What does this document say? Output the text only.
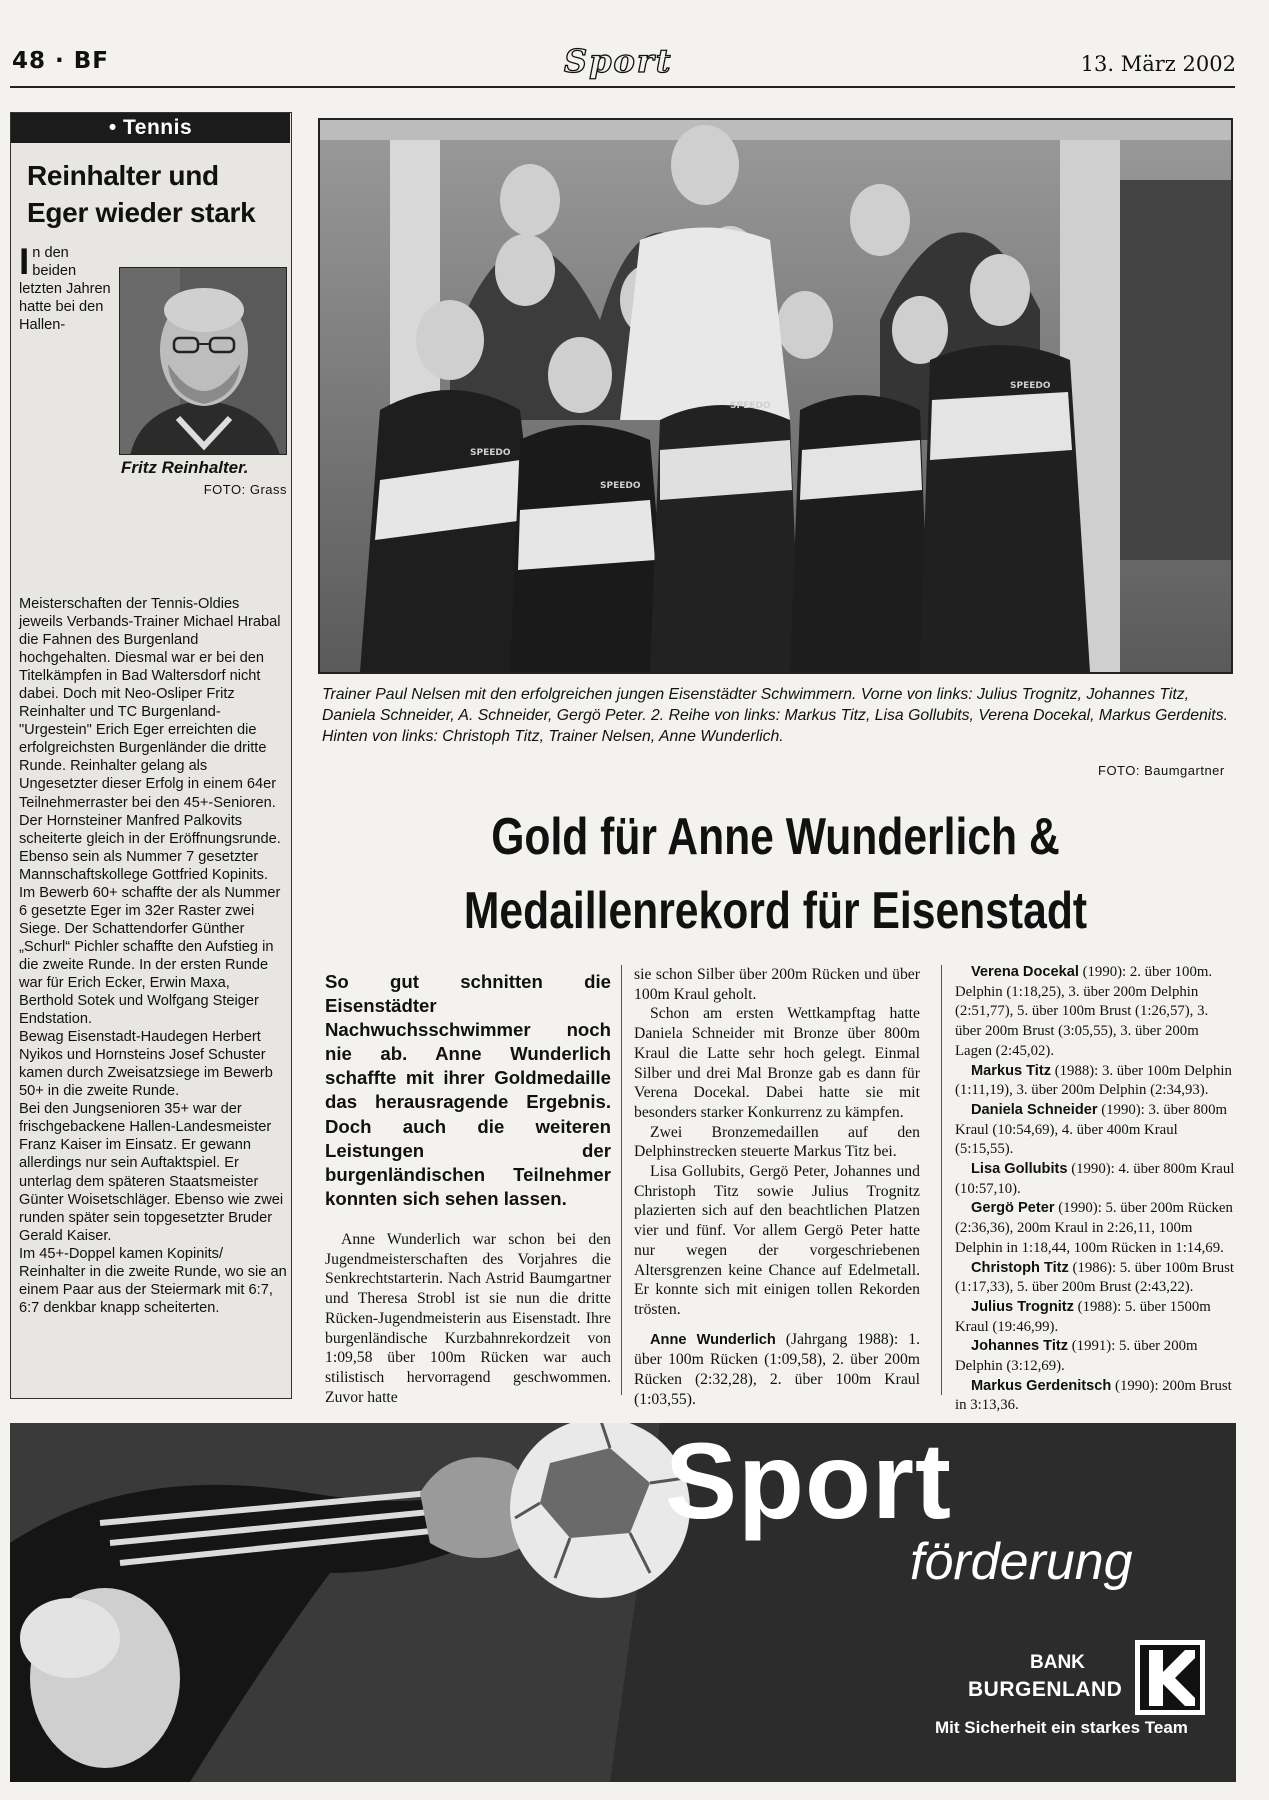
48 · BF	Sport	13. März 2002
• Tennis
Reinhalter und
Eger wieder stark
Fritz Reinhalter.
FOTO: Grass

In den beiden letzten Jahren hatte bei den Hallen-Meisterschaften der Tennis-Oldies jeweils Verbands-Trainer Michael Hrabal die Fahnen des Burgenland hochgehalten. Diesmal war er bei den Titelkämpfen in Bad Waltersdorf nicht dabei. Doch mit Neo-Osliper Fritz Reinhalter und TC Burgenland-"Urgestein" Erich Eger erreichten die erfolgreichsten Burgenländer die dritte Runde. Reinhalter gelang als Ungesetzter dieser Erfolg in einem 64er Teilnehmerraster bei den 45+-Senioren. Der Hornsteiner Manfred Palkovits scheiterte gleich in der Eröffnungsrunde. Ebenso sein als Nummer 7 gesetzter Mannschaftskollege Gottfried Kopinits. Im Bewerb 60+ schaffte der als Nummer 6 gesetzte Eger im 32er Raster zwei Siege. Der Schattendorfer Günther „Schurl“ Pichler schaffte den Aufstieg in die zweite Runde. In der ersten Runde war für Erich Ecker, Erwin Maxa, Berthold Sotek und Wolfgang Steiger Endstation.

Bewag Eisenstadt-Haudegen Herbert Nyikos und Hornsteins Josef Schuster kamen durch Zweisatzsiege im Bewerb 50+ in die zweite Runde.

Bei den Jungsenioren 35+ war der frischgebackene Hallen-Landesmeister Franz Kaiser im Einsatz. Er gewann allerdings nur sein Auftaktspiel. Er unterlag dem späteren Staatsmeister Günter Woisetschläger. Ebenso wie zwei runden später sein topgesetzter Bruder Gerald Kaiser.

Im 45+-Doppel kamen Kopinits/ Reinhalter in die zweite Runde, wo sie an einem Paar aus der Steiermark mit 6:7, 6:7 denkbar knapp scheiterten.

SPEEDO
SPEEDO
SPEEDO
SPEEDO
Trainer Paul Nelsen mit den erfolgreichen jungen Eisenstädter Schwimmern. Vorne von links: Julius Trognitz, Johannes Titz, Daniela Schneider, A. Schneider, Gergö Peter. 2. Reihe von links: Markus Titz, Lisa Gollubits, Verena Docekal, Markus Gerdenits. Hinten von links: Christoph Titz, Trainer Nelsen, Anne Wunderlich.
FOTO: Baumgartner
Gold für Anne Wunderlich &
Medaillenrekord für Eisenstadt
So gut schnitten die Eisenstädter Nachwuchsschwimmer noch nie ab. Anne Wunderlich schaffte mit ihrer Goldmedaille das herausragende Ergebnis. Doch auch die weiteren Leistungen der burgenländischen Teilnehmer konnten sich sehen lassen.

Anne Wunderlich war schon bei den Jugendmeisterschaften des Vorjahres die Senkrechtstarterin. Nach Astrid Baumgartner und Theresa Strobl ist sie nun die dritte Rücken-Jugendmeisterin aus Eisenstadt. Ihre burgenländische Kurzbahnrekordzeit von 1:09,58 über 100m Rücken war auch stilistisch hervorragend geschwommen. Zuvor hatte

sie schon Silber über 200m Rücken und über 100m Kraul geholt.

Schon am ersten Wettkampftag hatte Daniela Schneider mit Bronze über 800m Kraul die Latte sehr hoch gelegt. Einmal Silber und drei Mal Bronze gab es dann für Verena Docekal. Dabei hatte sie mit besonders starker Konkurrenz zu kämpfen.

Zwei Bronzemedaillen auf den Delphinstrecken steuerte Markus Titz bei.

Lisa Gollubits, Gergö Peter, Johannes und Christoph Titz sowie Julius Trognitz plazierten sich auf den beachtlichen Platzen vier und fünf. Vor allem Gergö Peter hatte nur wegen der vorgeschriebenen Altersgrenzen keine Chance auf Edelmetall. Er konnte sich mit einigen tollen Rekorden trösten.

Anne Wunderlich (Jahrgang 1988): 1. über 100m Rücken (1:09,58), 2. über 200m Rücken (2:32,28), 2. über 100m Kraul (1:03,55).

Verena Docekal (1990): 2. über 100m. Delphin (1:18,25), 3. über 200m Delphin (2:51,77), 5. über 100m Brust (1:26,57), 3. über 200m Brust (3:05,55), 3. über 200m Lagen (2:45,02).

Markus Titz (1988): 3. über 100m Delphin (1:11,19), 3. über 200m Delphin (2:34,93).

Daniela Schneider (1990): 3. über 800m Kraul (10:54,69), 4. über 400m Kraul (5:15,55).

Lisa Gollubits (1990): 4. über 800m Kraul (10:57,10).

Gergö Peter (1990): 5. über 200m Rücken (2:36,36), 200m Kraul in 2:26,11, 100m Delphin in 1:18,44, 100m Rücken in 1:14,69.

Christoph Titz (1986): 5. über 100m Brust (1:17,33), 5. über 200m Brust (2:43,22).

Julius Trognitz (1988): 5. über 1500m Kraul (19:46,99).

Johannes Titz (1991): 5. über 200m Delphin (3:12,69).

Markus Gerdenitsch (1990): 200m Brust in 3:13,36.

Sport
förderung
BANK
BURGENLAND
Mit Sicherheit ein starkes Team
